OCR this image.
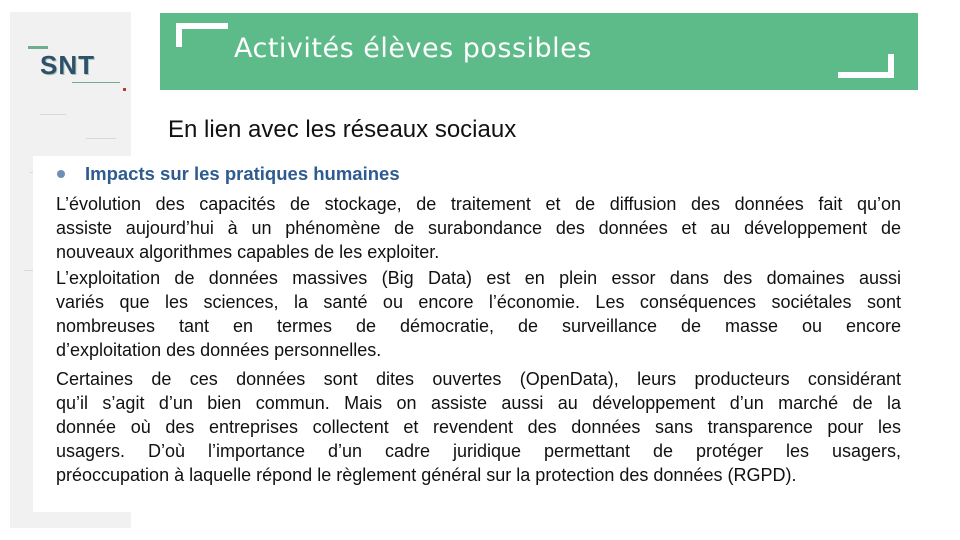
SNT
Activités élèves possibles
En lien avec les réseaux sociaux
Impacts sur les pratiques humaines
L’évolution des capacités de stockage, de traitement et de diffusion des données fait qu’on
assiste aujourd’hui à un phénomène de surabondance des données et au développement de
nouveaux algorithmes capables de les exploiter.
L’exploitation de données massives (Big Data) est en plein essor dans des domaines aussi
variés que les sciences, la santé ou encore l’économie. Les conséquences sociétales sont
nombreuses tant en termes de démocratie, de surveillance de masse ou encore
d’exploitation des données personnelles.
Certaines de ces données sont dites ouvertes (OpenData), leurs producteurs considérant
qu’il s’agit d’un bien commun. Mais on assiste aussi au développement d’un marché de la
donnée où des entreprises collectent et revendent des données sans transparence pour les
usagers. D’où l’importance d’un cadre juridique permettant de protéger les usagers,
préoccupation à laquelle répond le règlement général sur la protection des données (RGPD).
